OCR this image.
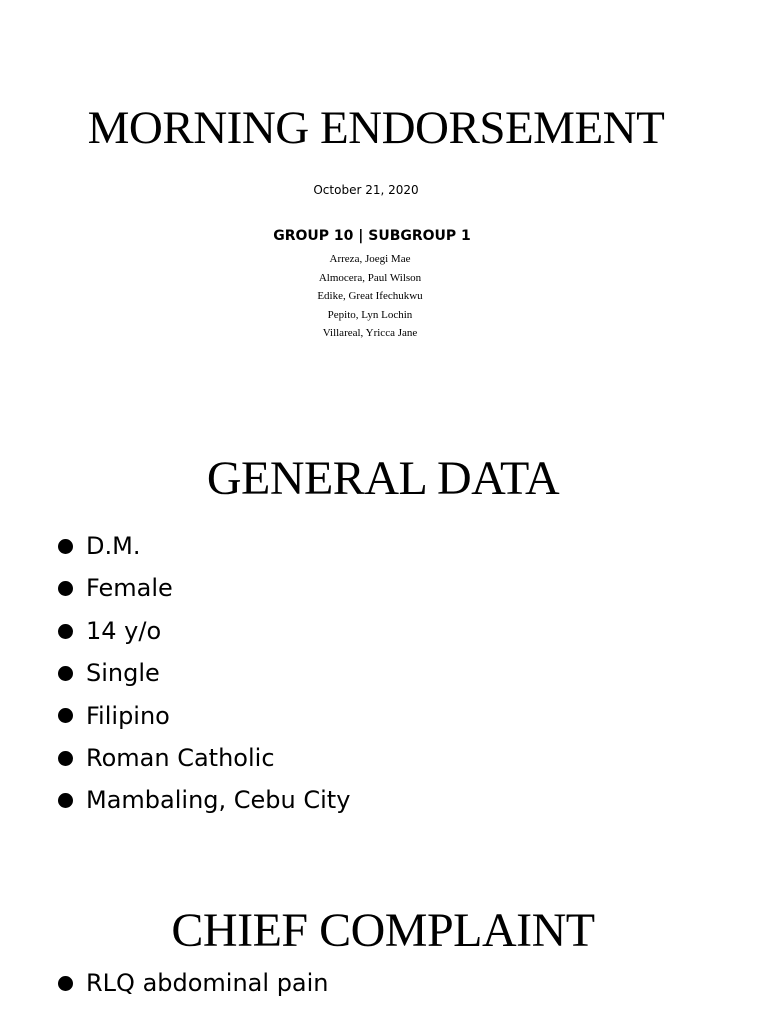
MORNING ENDORSEMENT
October 21, 2020
GROUP 10 | SUBGROUP 1
Arreza, Joegi Mae
Almocera, Paul Wilson
Edike, Great Ifechukwu
Pepito, Lyn Lochin
Villareal, Yricca Jane
GENERAL DATA
D.M.
Female
14 y/o
Single
Filipino
Roman Catholic
Mambaling, Cebu City
CHIEF COMPLAINT
RLQ abdominal pain
